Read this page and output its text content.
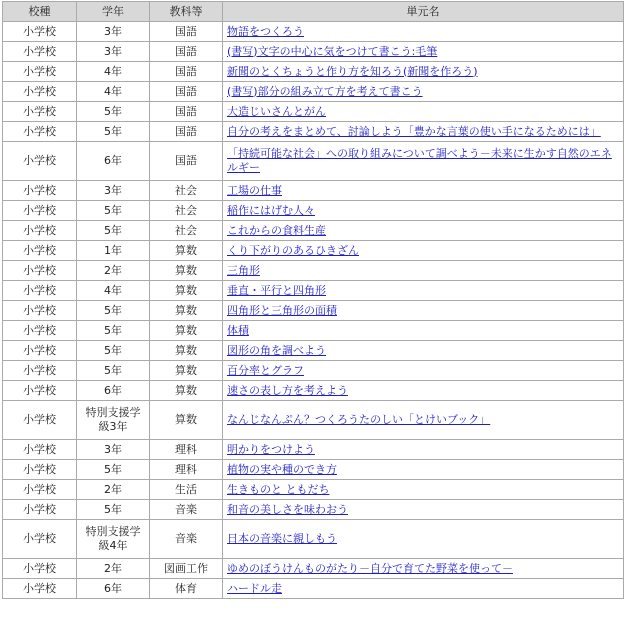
校種	学年	教科等	単元名
小学校	3年	国語	物語をつくろう
小学校	3年	国語	(書写)文字の中心に気をつけて書こう:毛筆
小学校	4年	国語	新聞のとくちょうと作り方を知ろう(新聞を作ろう)
小学校	4年	国語	(書写)部分の組み立て方を考えて書こう
小学校	5年	国語	大造じいさんとがん
小学校	5年	国語	自分の考えをまとめて、討論しよう「豊かな言葉の使い手になるためには」
小学校	6年	国語	「持続可能な社会」への取り組みについて調べよう－未来に生かす自然のエネルギー
小学校	3年	社会	工場の仕事
小学校	5年	社会	稲作にはげむ人々
小学校	5年	社会	これからの食料生産
小学校	1年	算数	くり下がりのあるひきざん
小学校	2年	算数	三角形
小学校	4年	算数	垂直・平行と四角形
小学校	5年	算数	四角形と三角形の面積
小学校	5年	算数	体積
小学校	5年	算数	図形の角を調べよう
小学校	5年	算数	百分率とグラフ
小学校	6年	算数	速さの表し方を考えよう
小学校	特別支援学級3年	算数	なんじなんぷん？つくろうたのしい「とけいブック」
小学校	3年	理科	明かりをつけよう
小学校	5年	理科	植物の実や種のでき方
小学校	2年	生活	生きものと ともだち
小学校	5年	音楽	和音の美しさを味わおう
小学校	特別支援学級4年	音楽	日本の音楽に親しもう
小学校	2年	図画工作	ゆめのぼうけんものがたり－自分で育てた野菜を使って－
小学校	6年	体育	ハードル走
